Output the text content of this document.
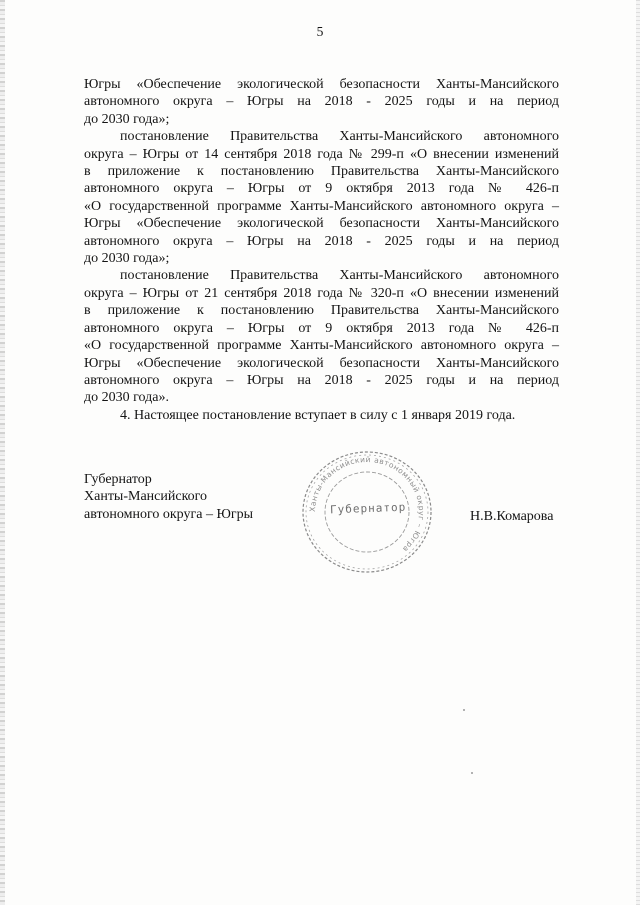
5
Югры «Обеспечение экологической безопасности Ханты-Мансийского
автономного округа – Югры на 2018 - 2025 годы и на период
до 2030 года»;
постановление Правительства Ханты-Мансийского автономного
округа – Югры от 14 сентября 2018 года № 299-п «О внесении изменений
в приложение к постановлению Правительства Ханты-Мансийского
автономного округа – Югры от 9 октября 2013 года № 426-п
«О государственной программе Ханты-Мансийского автономного округа –
Югры «Обеспечение экологической безопасности Ханты-Мансийского
автономного округа – Югры на 2018 - 2025 годы и на период
до 2030 года»;
постановление Правительства Ханты-Мансийского автономного
округа – Югры от 21 сентября 2018 года № 320-п «О внесении изменений
в приложение к постановлению Правительства Ханты-Мансийского
автономного округа – Югры от 9 октября 2013 года № 426-п
«О государственной программе Ханты-Мансийского автономного округа –
Югры «Обеспечение экологической безопасности Ханты-Мансийского
автономного округа – Югры на 2018 - 2025 годы и на период
до 2030 года».
4. Настоящее постановление вступает в силу с 1 января 2019 года.
Губернатор
Ханты-Мансийского
автономного округа – Югры	Ханты-Мансийский автономный округ – Югра
Губернатор
Н.В.Комарова
